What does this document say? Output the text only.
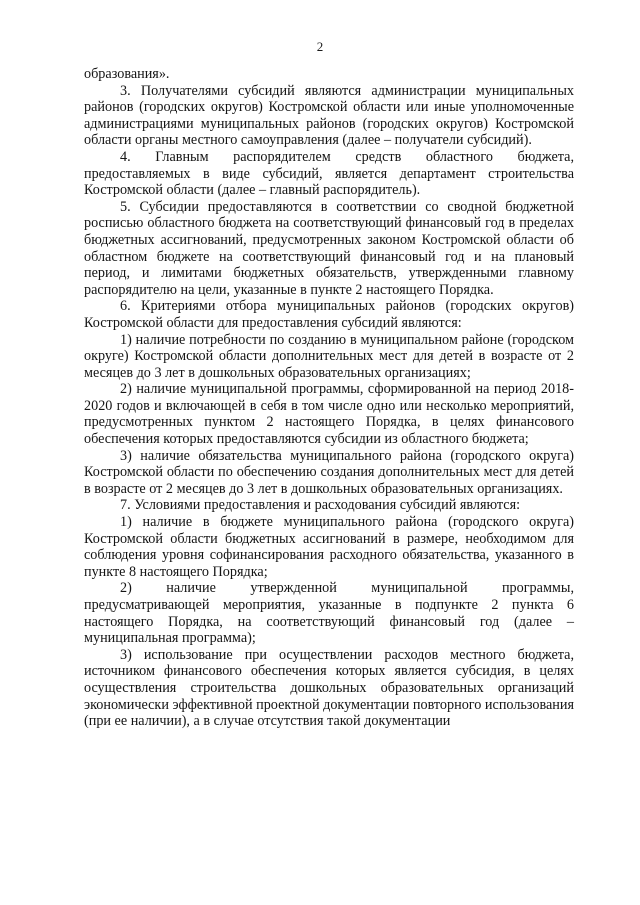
2

образования».

3. Получателями субсидий являются администрации муниципальных районов (городских округов) Костромской области или иные уполномоченные администрациями муниципальных районов (городских округов) Костромской области органы местного самоуправления (далее – получатели субсидий).

4. Главным распорядителем средств областного бюджета, предоставляемых в виде субсидий, является департамент строительства Костромской области (далее – главный распорядитель).

5. Субсидии предоставляются в соответствии со сводной бюджетной росписью областного бюджета на соответствующий финансовый год в пределах бюджетных ассигнований, предусмотренных законом Костромской области об областном бюджете на соответствующий финансовый год и на плановый период, и лимитами бюджетных обязательств, утвержденными главному распорядителю на цели, указанные в пункте 2 настоящего Порядка.

6. Критериями отбора муниципальных районов (городских округов) Костромской области для предоставления субсидий являются:

1) наличие потребности по созданию в муниципальном районе (городском округе) Костромской области дополнительных мест для детей в возрасте от 2 месяцев до 3 лет в дошкольных образовательных организациях;

2) наличие муниципальной программы, сформированной на период 2018-2020 годов и включающей в себя в том числе одно или несколько мероприятий, предусмотренных пунктом 2 настоящего Порядка, в целях финансового обеспечения которых предоставляются субсидии из областного бюджета;

3) наличие обязательства муниципального района (городского округа) Костромской области по обеспечению создания дополнительных мест для детей в возрасте от 2 месяцев до 3 лет в дошкольных образовательных организациях.

7. Условиями предоставления и расходования субсидий являются:

1) наличие в бюджете муниципального района (городского округа) Костромской области бюджетных ассигнований в размере, необходимом для соблюдения уровня софинансирования расходного обязательства, указанного в пункте 8 настоящего Порядка;

2) наличие утвержденной муниципальной программы, предусматривающей мероприятия, указанные в подпункте 2 пункта 6 настоящего Порядка, на соответствующий финансовый год (далее – муниципальная программа);

3) использование при осуществлении расходов местного бюджета, источником финансового обеспечения которых является субсидия, в целях осуществления строительства дошкольных образовательных организаций экономически эффективной проектной документации повторного использования (при ее наличии), а в случае отсутствия такой документации
